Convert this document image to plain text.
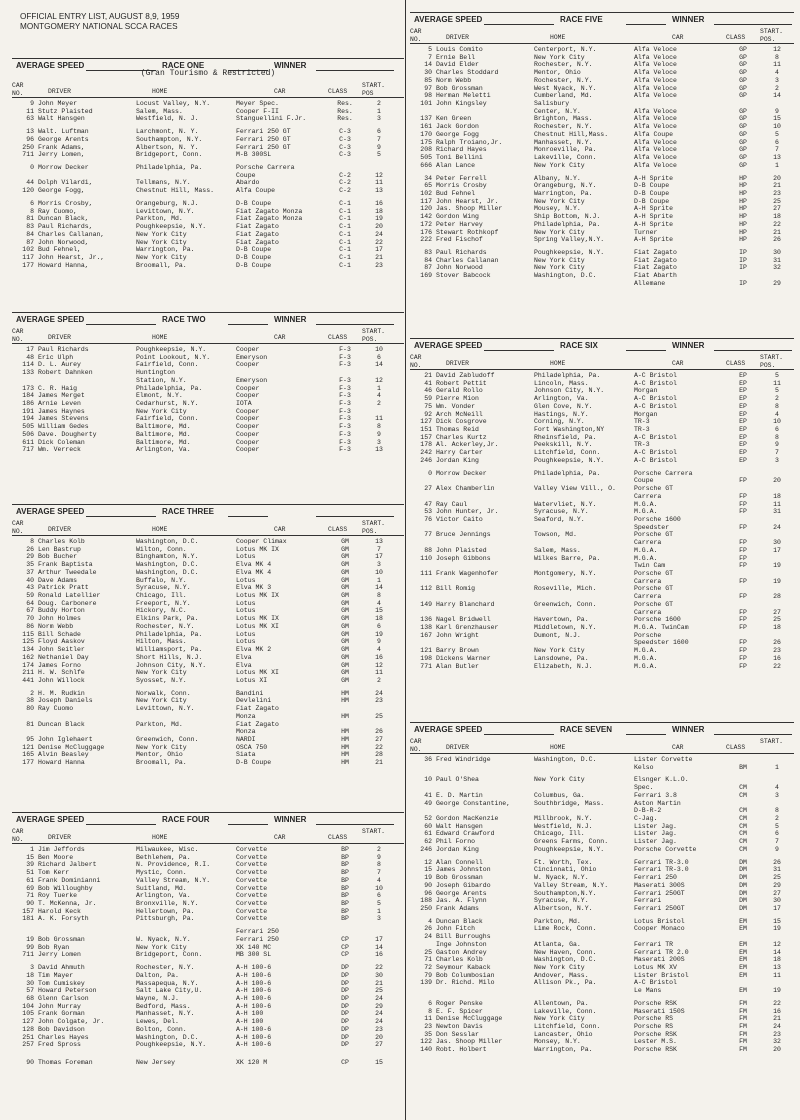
OFFICIAL ENTRY LIST, AUGUST 8,9, 1959
MONTGOMERY NATIONAL SCCA RACES
AVERAGE SPEED	RACE ONE	WINNER
(Gran Tourismo & Restricted)
CAR
NO.	DRIVER	HOME	CAR	CLASS
START.
POS
9 John Meyer	Locust Valley, N.Y.	Meyer Spec.	Res.	2
11 Stutz Plaisted	Salem, Mass.	Cooper F-II	Res.	1
63 Walt Hansgen	Westfield, N. J.	Stanguellini F.Jr.	Res.	3
13 Walt. Luftman	Larchmont, N. Y.	Ferrari 250 GT	C-3	6
96 George Arents	Southampton, N.Y.	Ferrari 250 GT	C-3	7
250 Frank Adams,	Albertson, N. Y.	Ferrari 250 GT	C-3	9
711 Jerry Lomen,	Bridgeport, Conn.	M-B 300SL	C-3	5
0 Morrow Decker	Philadelphia, Pa.	Porsche Carrera
Coupe	C-2	12
44 Dolph Vilardi,	Tellmans, N.Y.	Abardo	C-2	11
120 George Fogg,	Chestnut Hill, Mass.	Alfa Coupe	C-2	13
6 Morris Crosby,	Orangeburg, N.J.	D-B Coupe	C-1	16
8 Ray Cuomo,	Levittown, N.Y.	Fiat Zagato Monza	C-1	18
81 Duncan Black,	Parkton, Md.	Fiat Zagato Monza	C-1	19
83 Paul Richards,	Poughkeepsie, N.Y.	Fiat Zagato	C-1	20
84 Charles Callanan,	New York City	Fiat Zagato	C-1	24
87 John Norwood,	New York City	Fiat Zagato	C-1	22
102 Bud Fehnel,	Warrington, Pa.	D-B Coupe	C-1	17
117 John Hearst, Jr.,	New York City	D-B Coupe	C-1	21
177 Howard Hanna,	Broomall, Pa.	D-B Coupe	C-1	23
AVERAGE SPEED	RACE TWO	WINNER
CAR
NO.	DRIVER	HOME	CAR	CLASS
START.
POS.
17 Paul Richards	Poughkeepsie, N.Y.	Cooper	F-3	10
48 Eric Ulph	Point Lookout, N.Y.	Emeryson	F-3	6
114 D. L. Aurey	Fairfield, Conn.	Cooper	F-3	14
133 Robert Dahnken	Huntington
Station, N.Y.	Emeryson	F-3	12
173 C. R. Haig	Philadelphia, Pa.	Cooper	F-3	1
184 James Merget	Elmont, N.Y.	Cooper	F-3	4
186 Arnie Leven	Cedarhurst, N.Y.	IOTA	F-3	2
191 James Haynes	New York City	Cooper	F-3
194 James Stevens	Fairfield, Conn.	Cooper	F-3	11
505 William Gedes	Baltimore, Md.	Cooper	F-3	8
506 Dave. Dougherty	Baltimore, Md.	Cooper	F-3	9
611 Dick Coleman	Baltimore, Md.	Cooper	F-3	3
717 Wm. Verreck	Arlington, Va.	Cooper	F-3	13
AVERAGE SPEED	RACE THREE
CAR
NO.	DRIVER	HOME	CAR	CLASS
START.
POS.
8 Charles Kolb	Washington, D.C.	Cooper Climax	GM	13
26 Len Bastrup	Wilton, Conn.	Lotus MK IX	GM	7
29 Bob Bucher	Binghamton, N.Y.	Lotus	GM	17
35 Frank Baptista	Washington, D.C.	Elva MK 4	GM	3
37 Arthur Tweedale	Washington, D.C.	Elva MK 4	GM	10
40 Dave Adams	Buffalo, N.Y.	Lotus	GM	1
43 Patrick Pratt	Syracuse, N.Y.	Elva MK 3	GM	14
59 Ronald Latellier	Chicago, Ill.	Lotus MK IX	GM	8
64 Doug. Carbonere	Freeport, N.Y.	Lotus	GM	4
67 Buddy Horton	Hickory, N.C.	Lotus	GM	15
70 John Holmes	Elkins Park, Pa.	Lotus MK IX	GM	18
86 Norm Webb	Rochester, N.Y.	Lotus MK XI	GM	6
115 Bill Schade	Philadelphia, Pa.	Lotus	GM	19
125 Floyd Aaskov	Hilton, Mass.	Lotus	GM	9
134 John Seitler	Williamsport, Pa.	Elva MK 2	GM	4
162 Nethaniel Day	Short Hills, N.J.	Elva	GM	16
174 James Forno	Johnson City, N.Y.	Elva	GM	12
211 H. W. Schlfe	New York City	Lotus MK XI	GM	11
441 John Willock	Syosset, N.Y.	Lotus XI	GM	2
2 H. M. Rudkin	Norwalk, Conn.	Bandini	HM	24
38 Joseph Daniels	New York City	Devlelini	HM	23
80 Ray Cuomo	Levittown, N.Y.	Fiat Zagato
Monza	HM	25
81 Duncan Black	Parkton, Md.	Fiat Zagato
Monza	HM	26
95 John Iglehaert	Greenwich, Conn.	NARDI	HM	27
121 Denise McCluggage	New York City	OSCA 750	HM	22
165 Alvin Beasley	Mentor, Ohio	Siata	HM	28
177 Howard Hanna	Broomall, Pa.	D-B Coupe	HM	21
AVERAGE SPEED	RACE FOUR	WINNER
CAR
NO.	DRIVER	HOME	CAR	CLASS
START.
1 Jim Jeffords	Milwaukee, Wisc.	Corvette	BP	2
15 Ben Moore	Bethlehem, Pa.	Corvette	BP	9
39 Richard Jalbert	N. Providence, R.I.	Corvette	BP	8
51 Tom Kerr	Mystic, Conn.	Corvette	BP	7
61 Frank Dominianni	Valley Stream, N.Y.	Corvette	BP	4
69 Bob Willoughby	Suitland, Md.	Corvette	BP	10
71 Roy Tuerke	Arlington, Va.	Corvette	BP	6
90 T. McKenna, Jr.	Bronxville, N.Y.	Corvette	BP	5
157 Harold Keck	Hellertown, Pa.	Corvette	BP	1
181 A. K. Forsyth	Pittsburgh, Pa.	Corvette	BP	3
Ferrari 250
19 Bob Grossman	W. Nyack, N.Y.	Ferrari 250	CP	17
99 Bob Ryan	New York City	XK 140 MC	CP	14
711 Jerry Lomen	Bridgeport, Conn.	MB 300 SL	CP	16
3 David Ahmuth	Rochester, N.Y.	A-H 100-6	DP	22
18 Tim Mayer	Dalton, Pa.	A-H 100-6	DP	30
30 Tom Cumiskey	Massapequa, N.Y.	A-H 100-6	DP	21
57 Howard Peterson	Salt Lake City,U.	A-H 100-6	DP	25
68 Glenn Carlson	Wayne, N.J.	A-H 100-6	DP	24
104 John Murray	Bedford, Mass.	A-H 100-6	DP	29
105 Frank Gorman	Manhasset, N.Y.	A-H 100	DP	24
127 John Colgate, Jr.	Lewes, Del.	A-H 100	DP	24
128 Bob Davidson	Bolton, Conn.	A-H 100-6	DP	23
251 Charles Hayes	Washington, D.C.	A-H 100-6	DP	20
257 Fred Spross	Poughkeepsie, N.Y.	A-H 100-6	DP	27
90 Thomas Foreman	New Jersey	XK 120 M	CP	15
AVERAGE SPEED	RACE FIVE	WINNER
CAR
NO.	DRIVER	HOME	CAR	CLASS
START.
POS.
5 Louis Comito	Centerport, N.Y.	Alfa Veloce	GP	12
7 Ernie Bell	New York City	Alfa Veloce	GP	8
14 David Elder	Rochester, N.Y.	Alfa Veloce	GP	11
30 Charles Stoddard	Mentor, Ohio	Alfa Veloce	GP	4
85 Norm Webb	Rochester, N.Y.	Alfa Veloce	GP	3
97 Bob Grossman	West Nyack, N.Y.	Alfa Veloce	GP	2
98 Herman Meletti	Cumberland, Md.	Alfa Veloce	GP	14
101 John Kingsley	Salisbury
Center, N.Y.	Alfa Veloce	GP	9
137 Ken Green	Brighton, Mass.	Alfa Veloce	GP	15
161 Jack Gordon	Rochester, N.Y.	Alfa Veloce	GP	10
170 George Fogg	Chestnut Hill,Mass.	Alfa Coupe	GP	5
175 Ralph Troiano,Jr.	Manhasset, N.Y.	Alfa Veloce	GP	6
208 Richard Hayes	Monroeville, Pa.	Alfa Veloce	GP	7
505 Toni Bellini	Lakeville, Conn.	Alfa Veloce	GP	13
666 Alan Lance	New York City	Alfa Veloce	GP	1
34 Peter Ferrell	Albany, N.Y.	A-H Sprite	HP	20
65 Morris Crosby	Orangeburg, N.Y.	D-B Coupe	HP	21
102 Bud Fehnel	Warrington, Pa.	D-B Coupe	HP	23
117 John Hearst, Jr.	New York City	D-B Coupe	HP	25
120 Jas. Shoop Miller	Mousey, N.Y.	A-H Sprite	HP	27
142 Gordon Wing	Ship Bottom, N.J.	A-H Sprite	HP	18
172 Peter Harvey	Philadelphia, Pa.	A-H Sprite	HP	22
176 Stewart Rothkopf	New York City	Turner	HP	21
222 Fred Fischof	Spring Valley,N.Y.	A-H Sprite	HP	26
83 Paul Richards	Poughkeepsie, N.Y.	Fiat Zagato	IP	30
84 Charles Callanan	New York City	Fiat Zagato	IP	31
87 John Norwood	New York City	Fiat Zagato	IP	32
169 Stover Babcock	Washington, D.C.	Fiat Abarth
Allemane	IP	29
AVERAGE SPEED	RACE SIX	WINNER
CAR
NO.	DRIVER	HOME	CAR	CLASS
START.
POS.
21 David Zabludoff	Philadelphia, Pa.	A-C Bristol	EP	5
41 Robert Pettit	Lincoln, Mass.	A-C Bristol	EP	11
46 Gerald Rollo	Johnson City, N.Y.	Morgan	EP	5
59 Pierre Mion	Arlington, Va.	A-C Bristol	EP	2
75 Wm. Vonder	Glen Cove, N.Y.	A-C Bristol	EP	8
92 Arch McNeill	Hastings, N.Y.	Morgan	EP	4
127 Dick Cosgrove	Corning, N.Y.	TR-3	EP	10
151 Thomas Reid	Fort Washington,NY	TR-3	EP	6
157 Charles Kurtz	Rheinsfield, Pa.	A-C Bristol	EP	8
178 Al. Ackerley,Jr.	Peekskill, N.Y.	TR-3	EP	9
242 Harry Carter	Litchfield, Conn.	A-C Bristol	EP	7
246 Jordan King	Poughkeepsie, N.Y.	A-C Bristol	EP	3
0 Morrow Decker	Philadelphia, Pa.	Porsche Carrera
Coupe	FP	20
27 Alex Chamberlin	Valley View Vill., O.	Porsche GT
Carrera	FP	18
47 Ray Caul	Watervliet, N.Y.	M.G.A.	FP	11
53 John Hunter, Jr.	Syracuse, N.Y.	M.G.A.	FP	31
76 Victor Caito	Seaford, N.Y.	Porsche 1600
Speedster	FP	24
77 Bruce Jennings	Towson, Md.	Porsche GT
Carrera	FP	30
88 John Plaisted	Salem, Mass.	M.G.A.	FP	17
110 Joseph Gibbons	Wilkes Barre, Pa.	M.G.A.	FP
Twin Cam	FP	19
111 Frank Wagenhofer	Montgomery, N.Y.	Porsche GT
Carrera	FP	19
112 Bill Romig	Roseville, Mich.	Porsche GT
Carrera	FP	28
149 Harry Blanchard	Greenwich, Conn.	Porsche GT
Carrera	FP	27
136 Nagel Bridwell	Havertown, Pa.	Porsche 1600	FP	25
138 Karl Grenzhauser	Middletown, N.Y.	M.G.A. TwinCam	FP	18
167 John Wright	Dumont, N.J.	Porsche
Speedster 1600	FP	26
121 Barry Brown	New York City	M.G.A.	FP	23
198 Dickens Warner	Lansdowne, Pa.	M.G.A.	FP	16
771 Alan Butler	Elizabeth, N.J.	M.G.A.	FP	22
AVERAGE SPEED	RACE SEVEN	WINNER
CAR
NO.	DRIVER	HOME	CAR	CLASS
START.
36 Fred Windridge	Washington, D.C.	Lister Corvette
Kelso	BM	1
10 Paul O'Shea	New York City	Elsnger K.L.O.
Spec.	CM	4
41 E. D. Martin	Columbus, Ga.	Ferrari 3.8	CM	3
49 George Constantine,	Southbridge, Mass.	Aston Martin
D-B-R-2	CM	8
52 Gordon MacKenzie	Millbrook, N.Y.	C-Jag.	CM	2
60 Walt Hansgen	Westfield, N.J.	Lister Jag.	CM	5
61 Edward Crawford	Chicago, Ill.	Lister Jag.	CM	6
62 Phil Forno	Greens Farms, Conn.	Lister Jag.	CM	7
246 Jordan King	Poughkeepsie, N.Y.	Porsche Corvette	CM	9
12 Alan Connell	Ft. Worth, Tex.	Ferrari TR-3.0	DM	26
15 James Johnston	Cincinnati, Ohio	Ferrari TR-3.0	DM	31
19 Bob Grossman	W. Nyack, N.Y.	Ferrari 250	DM	25
90 Joseph Gibardo	Valley Stream, N.Y.	Maserati 300S	DM	29
96 George Arents	Southampton,N.Y.	Ferrari 250GT	DM	27
188 Jas. A. Flynn	Syracuse, N.Y.	Ferrari	DM	30
250 Frank Adams	Albertson, N.Y.	Ferrari 250GT	DM	17
4 Duncan Black	Parkton, Md.	Lotus Bristol	EM	15
26 John Fitch	Lime Rock, Conn.	Cooper Monaco	EM	19
24 Bill Burroughs
Inge Johnston	Atlanta, Ga.	Ferrari TR	EM	12
25 Gaston Andrey	New Haven, Conn.	Ferrari TR 2.0	EM	14
71 Charles Kolb	Washington, D.C.	Maserati 200S	EM	18
72 Seymour Kaback	New York City	Lotus MK XV	EM	13
79 Bob Columbosian	Andover, Mass.	Lister Bristol	EM	11
139 Dr. Richd. Milo	Allison Pk., Pa.	A-C Bristol
Le Mans	EM	19
6 Roger Penske	Allentown, Pa.	Porsche RSK	FM	22
8 E. F. Spicer	Lakeville, Conn.	Maserati 150S	FM	16
11 Denise McCluggage	New York City	Porsche RS	FM	21
23 Newton Davis	Litchfield, Conn.	Porsche RS	FM	24
35 Don Sesslar	Lancaster, Ohio	Porsche RSK	FM	23
122 Jas. Shoop Miller	Monsey, N.Y.	Lester M.S.	FM	32
140 Robt. Holbert	Warrington, Pa.	Porsche RSK	FM	20
